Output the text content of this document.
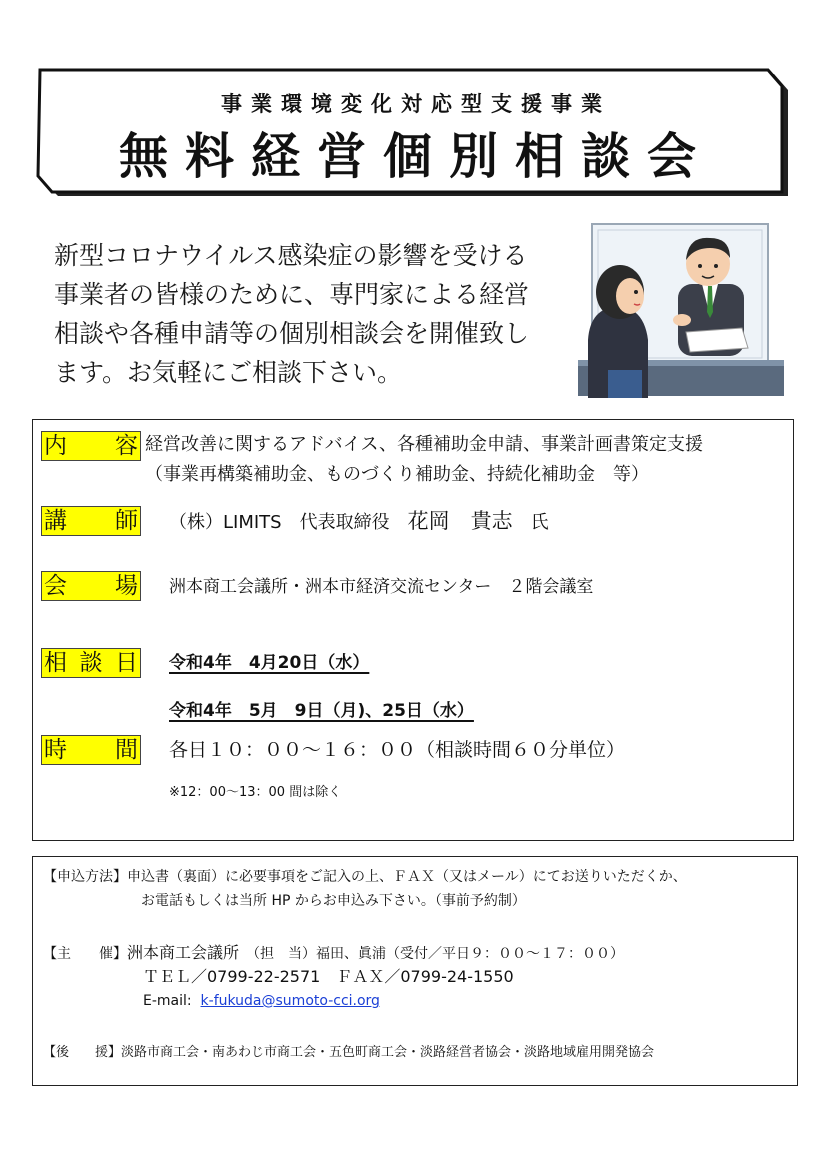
事業環境変化対応型支援事業
無料経営個別相談会
新型コロナウイルス感染症の影響を受ける
事業者の皆様のために、専門家による経営
相談や各種申請等の個別相談会を開催致し
ます。お気軽にご相談下さい。
内 容 経営改善に関するアドバイス、各種補助金申請、事業計画書策定支援
（事業再構築補助金、ものづくり補助金、持続化補助金　等）
講 師 （株）LIMITS　代表取締役　 花岡　貴志　 氏
会 場 洲本商工会議所・洲本市経済交流センター　２階会議室
相 談 日 令和4年　4月20日（水）
令和4年　5月　9日（月)、25日（水）
時 間 各日１０：００～１６：００（相談時間６０分単位）
※12：00～13：00 間は除く
【申込方法】申込書（裏面）に必要事項をご記入の上、ＦＡＸ（又はメール）にてお送りいただくか、
お電話もしくは当所 HP からお申込み下さい。（事前予約制）
【主　　催】洲本商工会議所　 （担　当）福田、眞浦（受付／平日９：００～１７：００）
ＴＥＬ／0799-22-2571　ＦＡＸ／0799-24-1550
E-mail: k-fukuda@sumoto-cci.org
【後　　援】淡路市商工会・南あわじ市商工会・五色町商工会・淡路経営者協会・淡路地域雇用開発協会
